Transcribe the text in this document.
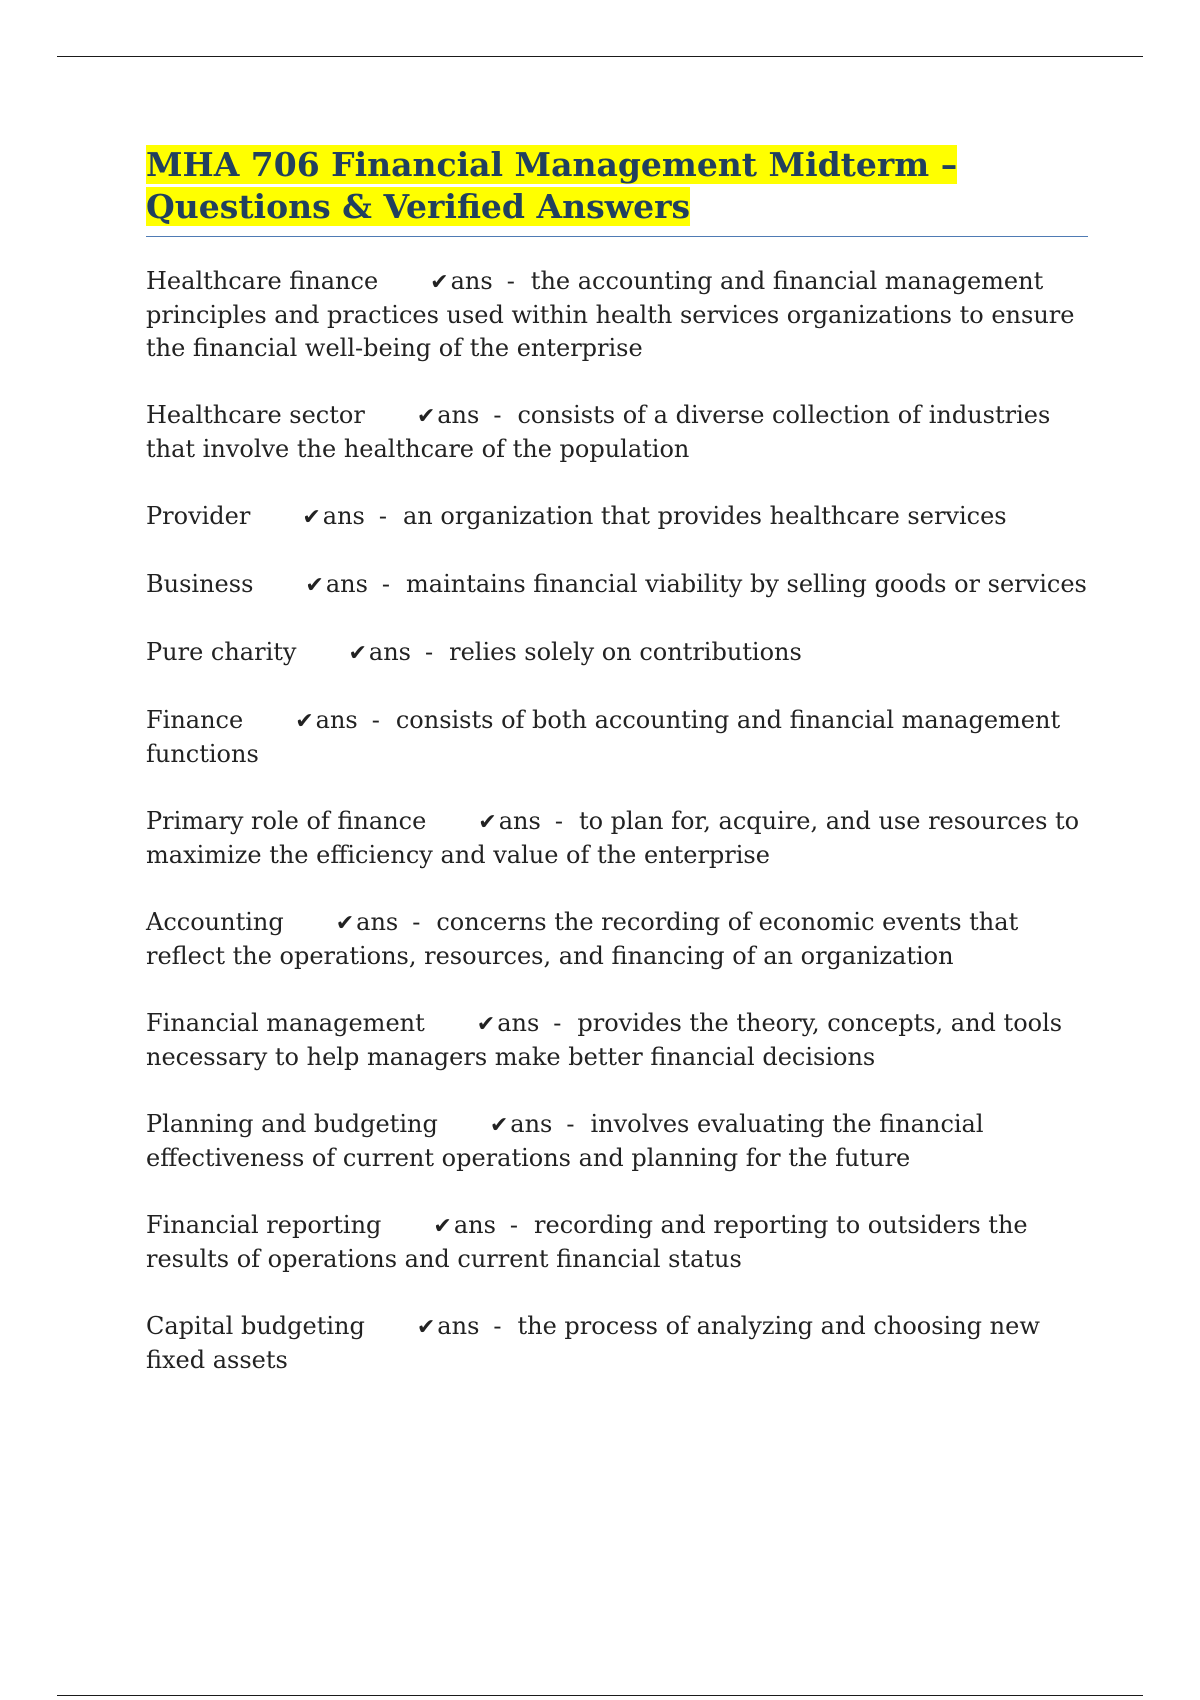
MHA 706 Financial Management Midterm – Questions & Verified Answers

Healthcare finance ✔ans - the accounting and financial management principles and practices used within health services organizations to ensure the financial well-being of the enterprise

Healthcare sector ✔ans - consists of a diverse collection of industries that involve the healthcare of the population

Provider ✔ans - an organization that provides healthcare services

Business ✔ans - maintains financial viability by selling goods or services

Pure charity ✔ans - relies solely on contributions

Finance ✔ans - consists of both accounting and financial management functions

Primary role of finance ✔ans - to plan for, acquire, and use resources to maximize the efficiency and value of the enterprise

Accounting ✔ans - concerns the recording of economic events that reflect the operations, resources, and financing of an organization

Financial management ✔ans - provides the theory, concepts, and tools necessary to help managers make better financial decisions

Planning and budgeting ✔ans - involves evaluating the financial effectiveness of current operations and planning for the future

Financial reporting ✔ans - recording and reporting to outsiders the results of operations and current financial status

Capital budgeting ✔ans - the process of analyzing and choosing new fixed assets
